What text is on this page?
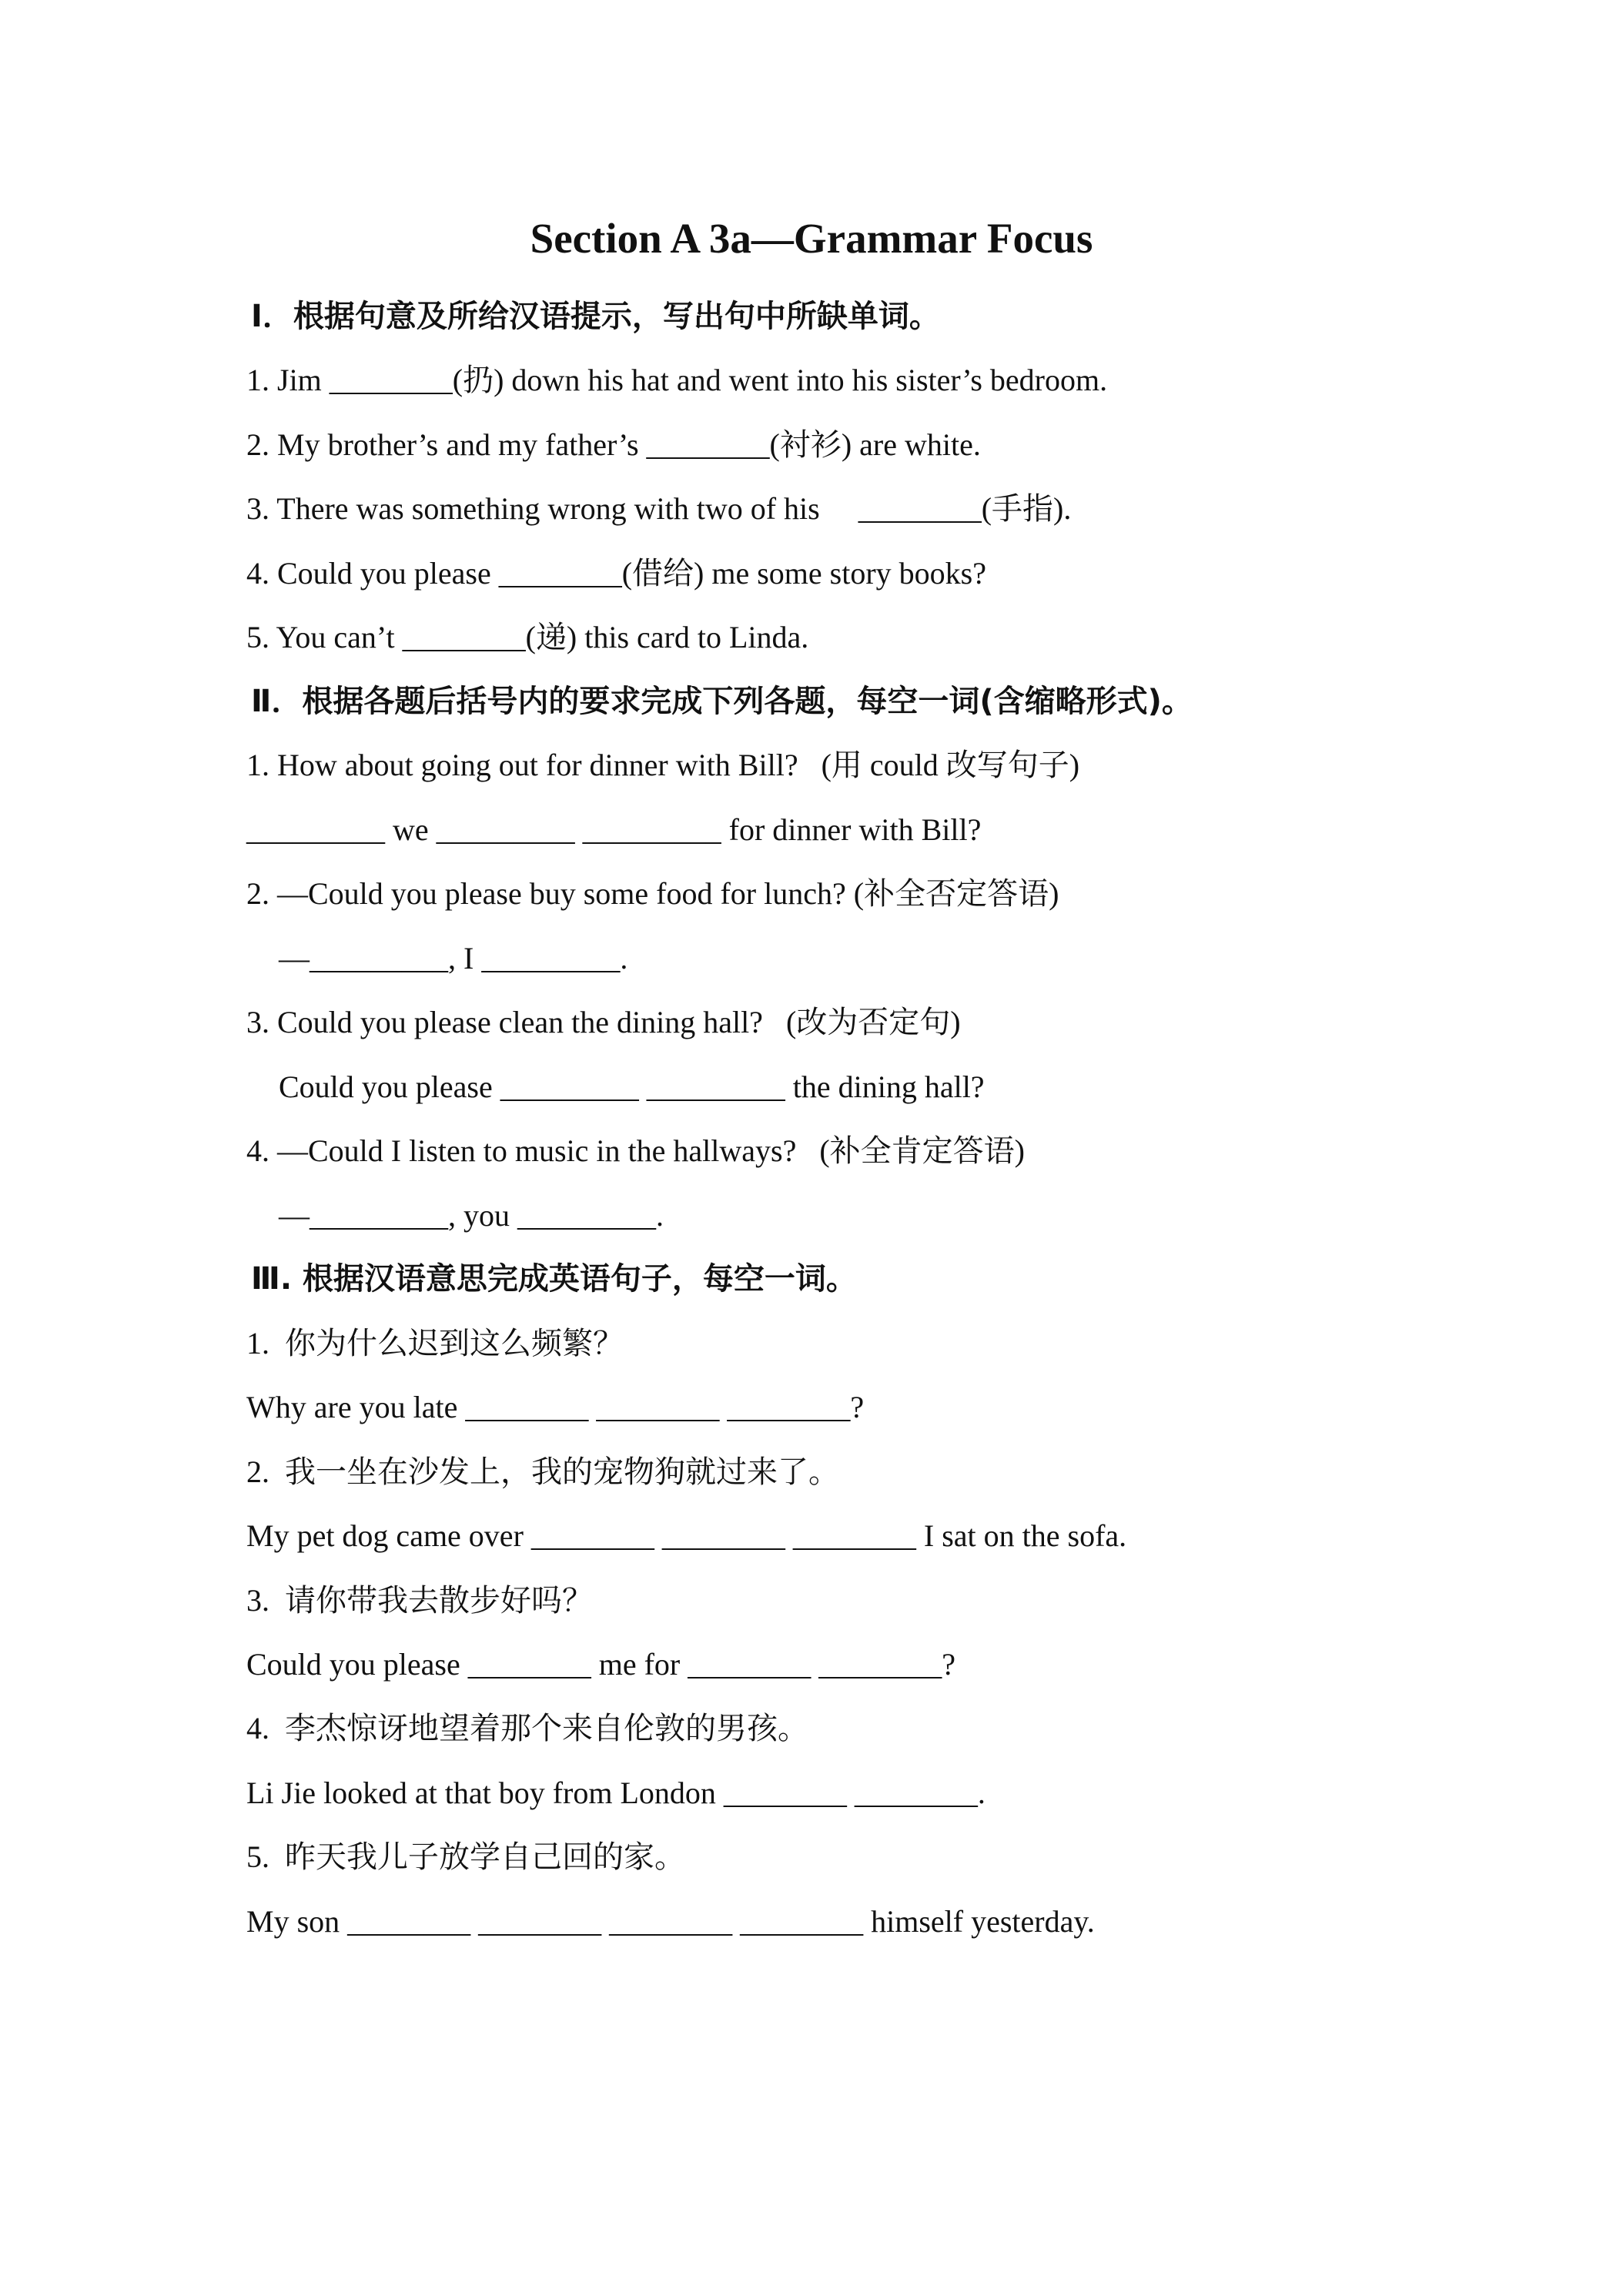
Section A 3a—Grammar Focus
Ⅰ．根据句意及所给汉语提示，写出句中所缺单词。
1. Jim ________(扔) down his hat and went into his sister’s bedroom.
2. My brother’s and my father’s ________(衬衫) are white.
3. There was something wrong with two of his     ________(手指).
4. Could you please ________(借给) me some story books?
5. You can’t ________(递) this card to Linda.
Ⅱ．根据各题后括号内的要求完成下列各题，每空一词(含缩略形式)。
1. How about going out for dinner with Bill?   (用 could 改写句子)
_________ we _________ _________ for dinner with Bill?
2. —Could you please buy some food for lunch? (补全否定答语)
—_________, I _________.
3. Could you please clean the dining hall?   (改为否定句)
Could you please _________ _________ the dining hall?
4. —Could I listen to music in the hallways?   (补全肯定答语)
—_________, you _________.
Ⅲ. 根据汉语意思完成英语句子，每空一词。
1.  你为什么迟到这么频繁？
Why are you late ________ ________ ________?
2.  我一坐在沙发上，我的宠物狗就过来了。
My pet dog came over ________ ________ ________ I sat on the sofa.
3.  请你带我去散步好吗？
Could you please ________ me for ________ ________?
4.  李杰惊讶地望着那个来自伦敦的男孩。
Li Jie looked at that boy from London ________ ________.
5.  昨天我儿子放学自己回的家。
My son ________ ________ ________ ________ himself yesterday.
